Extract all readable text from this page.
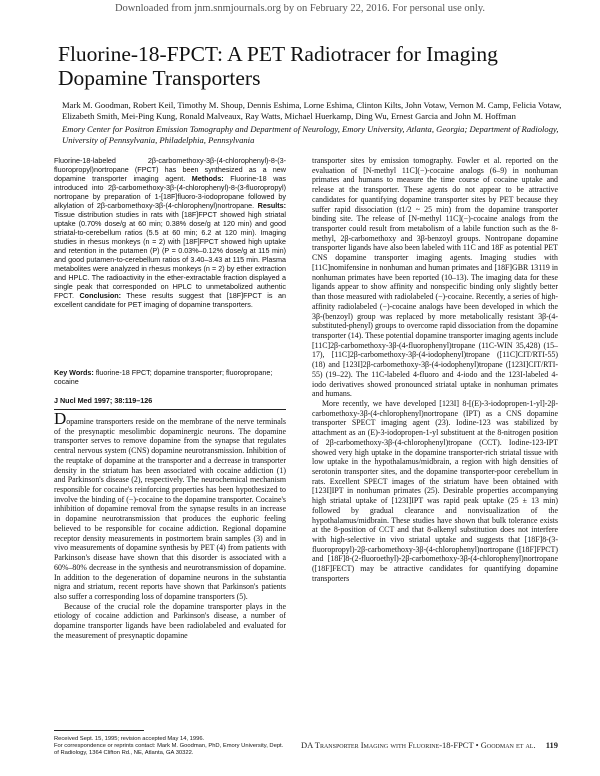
Downloaded from jnm.snmjournals.org by on February 22, 2016. For personal use only.
Fluorine-18-FPCT: A PET Radiotracer for Imaging Dopamine Transporters
Mark M. Goodman, Robert Keil, Timothy M. Shoup, Dennis Eshima, Lorne Eshima, Clinton Kilts, John Votaw, Vernon M. Camp, Felicia Votaw, Elizabeth Smith, Mei-Ping Kung, Ronald Malveaux, Ray Watts, Michael Huerkamp, Ding Wu, Ernest Garcia and John M. Hoffman
Emory Center for Positron Emission Tomography and Department of Neurology, Emory University, Atlanta, Georgia; Department of Radiology, University of Pennsylvania, Philadelphia, Pennsylvania
Fluorine-18-labeled 2β-carbomethoxy-3β-(4-chlorophenyl)-8-(3-fluoropropyl)nortropane (FPCT) has been synthesized as a new dopamine transporter imaging agent. Methods: Fluorine-18 was introduced into 2β-carbomethoxy-3β-(4-chlorophenyl)-8-(3-fluoropropyl) nortropane by preparation of 1-[18F]fluoro-3-iodopropane followed by alkylation of 2β-carbomethoxy-3β-(4-chlorophenyl)nortropane. Results: Tissue distribution studies in rats with [18F]FPCT showed high striatal uptake (0.70% dose/g at 60 min; 0.38% dose/g at 120 min) and good striatal-to-cerebellum ratios (5.5 at 60 min; 6.2 at 120 min). Imaging studies in rhesus monkeys (n = 2) with [18F]FPCT showed high uptake and retention in the putamen (P) (P = 0.03%–0.12% dose/g at 115 min) and good putamen-to-cerebellum ratios of 3.40–3.43 at 115 min. Plasma metabolites were analyzed in rhesus monkeys (n = 2) by ether extraction and HPLC. The radioactivity in the ether-extractable fraction displayed a single peak that corresponded on HPLC to unmetabolized authentic FPCT. Conclusion: These results suggest that [18F]FPCT is an excellent candidate for PET imaging of dopamine transporters.
Key Words: fluorine-18 FPCT; dopamine transporter; fluoropropane; cocaine
J Nucl Med 1997; 38:119–126

Dopamine transporters reside on the membrane of the nerve terminals of the presynaptic mesolimbic dopaminergic neurons. The dopamine transporter serves to remove dopamine from the synapse that regulates central nervous system (CNS) dopamine neurotransmission. Inhibition of the reuptake of dopamine at the transporter and a decrease in transporter density in the striatum has been associated with cocaine addiction (1) and Parkinson's disease (2), respectively. The neurochemical mechanism responsible for cocaine's reinforcing properties has been hypothesized to involve the binding of (−)-cocaine to the dopamine transporter. Cocaine's inhibition of dopamine removal from the synapse results in an increase in dopamine neurotransmission that produces the euphoric feeling believed to be responsible for cocaine addiction. Regional dopamine receptor density measurements in postmortem brain samples (3) and in vivo measurements of dopamine synthesis by PET (4) from patients with Parkinson's disease have shown that this disorder is associated with a 60%–80% decrease in the synthesis and neurotransmission of dopamine. In addition to the degeneration of dopamine neurons in the substantia nigra and striatum, recent reports have shown that Parkinson's patients also suffer a corresponding loss of dopamine transporters (5).

Because of the crucial role the dopamine transporter plays in the etiology of cocaine addiction and Parkinson's disease, a number of dopamine transporter ligands have been radiolabeled and evaluated for the measurement of presynaptic dopamine

Received Sept. 15, 1995; revision accepted May 14, 1996.
For correspondence or reprints contact: Mark M. Goodman, PhD, Emory University, Dept. of Radiology, 1364 Clifton Rd., NE, Atlanta, GA 30322.

transporter sites by emission tomography. Fowler et al. reported on the evaluation of [N-methyl 11C](−)-cocaine analogs (6–9) in nonhuman primates and humans to measure the time course of cocaine uptake and release at the transporter. These agents do not appear to be attractive candidates for quantifying dopamine transporter sites by PET because they suffer rapid dissociation (t1/2 ~ 25 min) from the dopamine transporter binding site. The release of [N-methyl 11C](−)-cocaine analogs from the transporter could result from metabolism of a labile function such as the 8-methyl, 2β-carbomethoxy and 3β-benzoyl groups. Nontropane dopamine transporter ligands have also been labeled with 11C and 18F as potential PET CNS dopamine transporter imaging agents. Imaging studies with [11C]nomifensine in nonhuman and human primates and [18F]GBR 13119 in nonhuman primates have been reported (10–13). The imaging data for these ligands appear to show affinity and nonspecific binding only slightly better than those measured with radiolabeled (−)-cocaine. Recently, a series of high-affinity radiolabeled (−)-cocaine analogs have been developed in which the 3β-(benzoyl) group was replaced by more metabolically resistant 3β-(4-substituted-phenyl) groups to overcome rapid dissociation from the dopamine transporter (14). These potential dopamine transporter imaging agents include [11C]2β-carbomethoxy-3β-(4-fluorophenyl)tropane (11C-WIN 35,428) (15–17), [11C]2β-carbomethoxy-3β-(4-iodophenyl)tropane ([11C]CIT/RTI-55) (18) and [123I]2β-carbomethoxy-3β-(4-iodophenyl)tropane ([123I]CIT/RTI-55) (19–22). The 11C-labeled 4-fluoro and 4-iodo and the 123I-labeled 4-iodo derivatives showed pronounced striatal uptake in nonhuman primates and humans.

More recently, we have developed [123I] 8-[(E)-3-iodopropen-1-yl]-2β-carbomethoxy-3β-(4-chlorophenyl)nortropane (IPT) as a CNS dopamine transporter SPECT imaging agent (23). Iodine-123 was stabilized by attachment as an (E)-3-iodopropen-1-yl substituent at the 8-nitrogen position of 2β-carbomethoxy-3β-(4-chlorophenyl)tropane (CCT). Iodine-123-IPT showed very high uptake in the dopamine transporter-rich striatal tissue with low uptake in the hypothalamus/midbrain, a region with high densities of serotonin transporter sites, and the dopamine transporter-poor cerebellum in rats. Excellent SPECT images of the striatum have been obtained with [123I]IPT in nonhuman primates (25). Desirable properties accompanying high striatal uptake of [123I]IPT was rapid peak uptake (25 ± 13 min) followed by gradual clearance and nonvisualization of the hypothalamus/midbrain. These studies have shown that bulk tolerance exists at the 8-position of CCT and that 8-alkenyl substitution does not interfere with high-selective in vivo striatal uptake and suggests that [18F]8-(3-fluoropropyl)-2β-carbomethoxy-3β-(4-chlorophenyl)nortropane ([18F]FPCT) and [18F]8-(2-fluoroethyl)-2β-carbomethoxy-3β-(4-chlorophenyl)nortropane ([18F]FECT) may be attractive candidates for quantifying dopamine transporters

DA Transporter Imaging with Fluorine-18-FPCT • Goodman et al. 119
